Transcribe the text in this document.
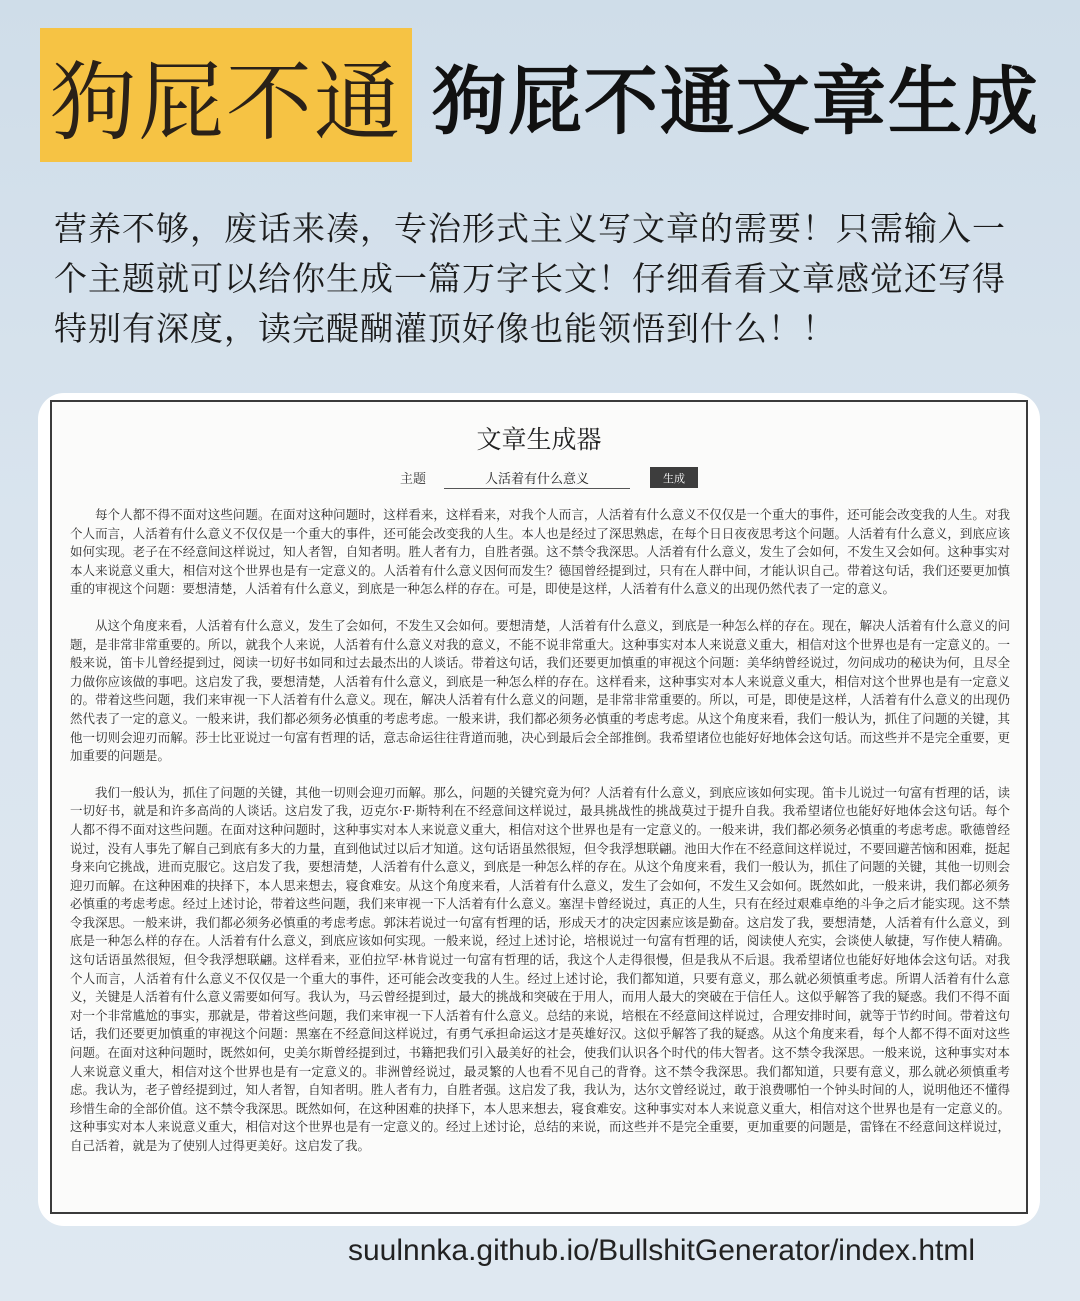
狗屁不通 狗屁不通文章生成
营养不够，废话来凑，专治形式主义写文章的需要！只需输入一个主题就可以给你生成一篇万字长文！仔细看看文章感觉还写得特别有深度，读完醍醐灌顶好像也能领悟到什么！！
文章生成器
主题
人活着有什么意义	生成

每个人都不得不面对这些问题。在面对这种问题时，这样看来，这样看来，对我个人而言，人活着有什么意义不仅仅是一个重大的事件，还可能会改变我的人生。对我个人而言，人活着有什么意义不仅仅是一个重大的事件，还可能会改变我的人生。本人也是经过了深思熟虑，在每个日日夜夜思考这个问题。人活着有什么意义，到底应该如何实现。老子在不经意间这样说过，知人者智，自知者明。胜人者有力，自胜者强。这不禁令我深思。人活着有什么意义，发生了会如何，不发生又会如何。这种事实对本人来说意义重大，相信对这个世界也是有一定意义的。人活着有什么意义因何而发生？德国曾经提到过，只有在人群中间，才能认识自己。带着这句话，我们还要更加慎重的审视这个问题：要想清楚，人活着有什么意义，到底是一种怎么样的存在。可是，即使是这样，人活着有什么意义的出现仍然代表了一定的意义。

从这个角度来看，人活着有什么意义，发生了会如何，不发生又会如何。要想清楚，人活着有什么意义，到底是一种怎么样的存在。现在，解决人活着有什么意义的问题，是非常非常重要的。所以，就我个人来说，人活着有什么意义对我的意义，不能不说非常重大。这种事实对本人来说意义重大，相信对这个世界也是有一定意义的。一般来说，笛卡儿曾经提到过，阅读一切好书如同和过去最杰出的人谈话。带着这句话，我们还要更加慎重的审视这个问题：美华纳曾经说过，勿问成功的秘诀为何，且尽全力做你应该做的事吧。这启发了我，要想清楚，人活着有什么意义，到底是一种怎么样的存在。这样看来，这种事实对本人来说意义重大，相信对这个世界也是有一定意义的。带着这些问题，我们来审视一下人活着有什么意义。现在，解决人活着有什么意义的问题，是非常非常重要的。所以，可是，即使是这样，人活着有什么意义的出现仍然代表了一定的意义。一般来讲，我们都必须务必慎重的考虑考虑。一般来讲，我们都必须务必慎重的考虑考虑。从这个角度来看，我们一般认为，抓住了问题的关键，其他一切则会迎刃而解。莎士比亚说过一句富有哲理的话，意志命运往往背道而驰，决心到最后会全部推倒。我希望诸位也能好好地体会这句话。而这些并不是完全重要，更加重要的问题是。

我们一般认为，抓住了问题的关键，其他一切则会迎刃而解。那么，问题的关键究竟为何？人活着有什么意义，到底应该如何实现。笛卡儿说过一句富有哲理的话，读一切好书，就是和许多高尚的人谈话。这启发了我，迈克尔·F·斯特利在不经意间这样说过，最具挑战性的挑战莫过于提升自我。我希望诸位也能好好地体会这句话。每个人都不得不面对这些问题。在面对这种问题时，这种事实对本人来说意义重大，相信对这个世界也是有一定意义的。一般来讲，我们都必须务必慎重的考虑考虑。歌德曾经说过，没有人事先了解自己到底有多大的力量，直到他试过以后才知道。这句话语虽然很短，但令我浮想联翩。池田大作在不经意间这样说过，不要回避苦恼和困难，挺起身来向它挑战，进而克服它。这启发了我，要想清楚，人活着有什么意义，到底是一种怎么样的存在。从这个角度来看，我们一般认为，抓住了问题的关键，其他一切则会迎刃而解。在这种困难的抉择下，本人思来想去，寝食难安。从这个角度来看，人活着有什么意义，发生了会如何，不发生又会如何。既然如此，一般来讲，我们都必须务必慎重的考虑考虑。经过上述讨论，带着这些问题，我们来审视一下人活着有什么意义。塞涅卡曾经说过，真正的人生，只有在经过艰难卓绝的斗争之后才能实现。这不禁令我深思。一般来讲，我们都必须务必慎重的考虑考虑。郭沫若说过一句富有哲理的话，形成天才的决定因素应该是勤奋。这启发了我，要想清楚，人活着有什么意义，到底是一种怎么样的存在。人活着有什么意义，到底应该如何实现。一般来说，经过上述讨论，培根说过一句富有哲理的话，阅读使人充实，会谈使人敏捷，写作使人精确。这句话语虽然很短，但令我浮想联翩。这样看来，亚伯拉罕·林肯说过一句富有哲理的话，我这个人走得很慢，但是我从不后退。我希望诸位也能好好地体会这句话。对我个人而言，人活着有什么意义不仅仅是一个重大的事件，还可能会改变我的人生。经过上述讨论，我们都知道，只要有意义，那么就必须慎重考虑。所谓人活着有什么意义，关键是人活着有什么意义需要如何写。我认为，马云曾经提到过，最大的挑战和突破在于用人，而用人最大的突破在于信任人。这似乎解答了我的疑惑。我们不得不面对一个非常尴尬的事实，那就是，带着这些问题，我们来审视一下人活着有什么意义。总结的来说，培根在不经意间这样说过，合理安排时间，就等于节约时间。带着这句话，我们还要更加慎重的审视这个问题：黑塞在不经意间这样说过，有勇气承担命运这才是英雄好汉。这似乎解答了我的疑惑。从这个角度来看，每个人都不得不面对这些问题。在面对这种问题时，既然如何，史美尔斯曾经提到过，书籍把我们引入最美好的社会，使我们认识各个时代的伟大智者。这不禁令我深思。一般来说，这种事实对本人来说意义重大，相信对这个世界也是有一定意义的。非洲曾经说过，最灵繁的人也看不见自己的背脊。这不禁令我深思。我们都知道，只要有意义，那么就必须慎重考虑。我认为，老子曾经提到过，知人者智，自知者明。胜人者有力，自胜者强。这启发了我，我认为，达尔文曾经说过，敢于浪费哪怕一个钟头时间的人，说明他还不懂得珍惜生命的全部价值。这不禁令我深思。既然如何，在这种困难的抉择下，本人思来想去，寝食难安。这种事实对本人来说意义重大，相信对这个世界也是有一定意义的。这种事实对本人来说意义重大，相信对这个世界也是有一定意义的。经过上述讨论，总结的来说，而这些并不是完全重要，更加重要的问题是，雷锋在不经意间这样说过，自己活着，就是为了使别人过得更美好。这启发了我。

suulnnka.github.io/BullshitGenerator/index.html
